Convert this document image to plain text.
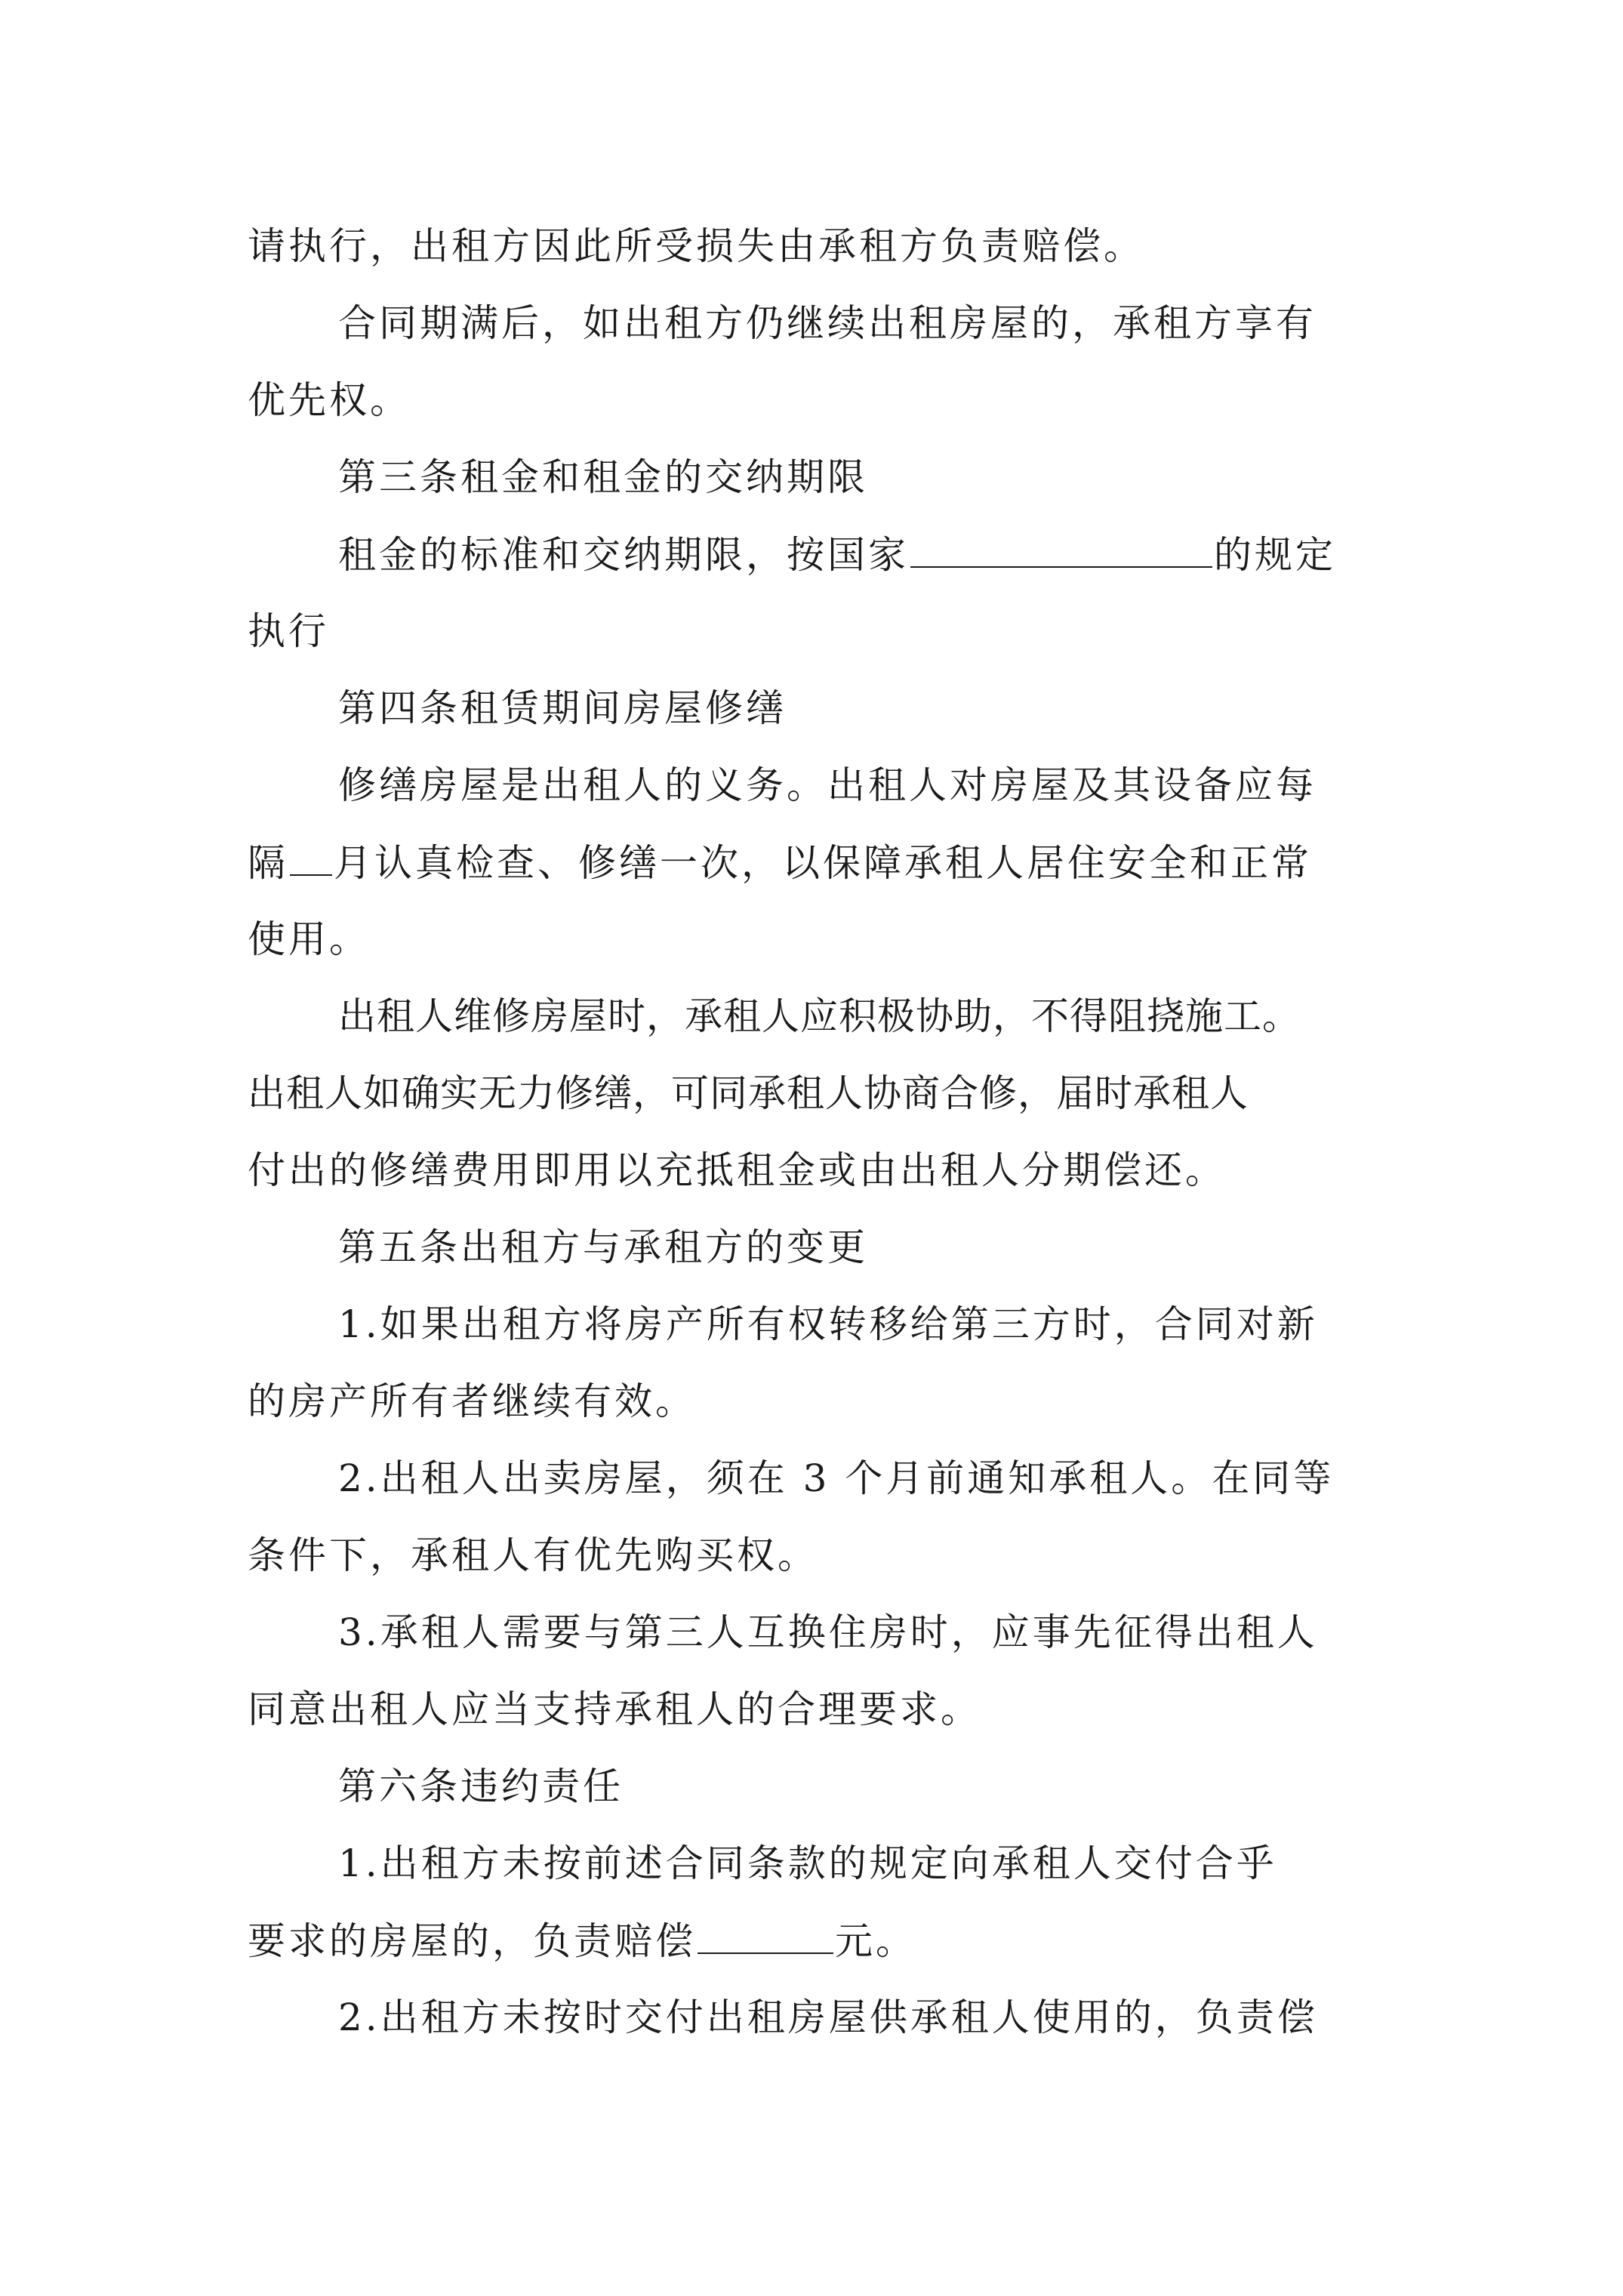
请执行，出租方因此所受损失由承租方负责赔偿。
合同期满后，如出租方仍继续出租房屋的，承租方享有
优先权。
第三条租金和租金的交纳期限
租金的标准和交纳期限，按国家	的规定
执行
第四条租赁期间房屋修缮
修缮房屋是出租人的义务。出租人对房屋及其设备应每
隔 月认真检查、修缮一次，以保障承租人居住安全和正常
使用。
出租人维修房屋时，承租人应积极协助，不得阻挠施工。
出租人如确实无力修缮，可同承租人协商合修，届时承租人
付出的修缮费用即用以充抵租金或由出租人分期偿还。
第五条出租方与承租方的变更
1.如果出租方将房产所有权转移给第三方时，合同对新
的房产所有者继续有效。
2.出租人出卖房屋，须在 3 个月前通知承租人。在同等
条件下，承租人有优先购买权。
3.承租人需要与第三人互换住房时，应事先征得出租人
同意出租人应当支持承租人的合理要求。
第六条违约责任
1.出租方未按前述合同条款的规定向承租人交付合乎
要求的房屋的，负责赔偿	元。
2.出租方未按时交付出租房屋供承租人使用的，负责偿
